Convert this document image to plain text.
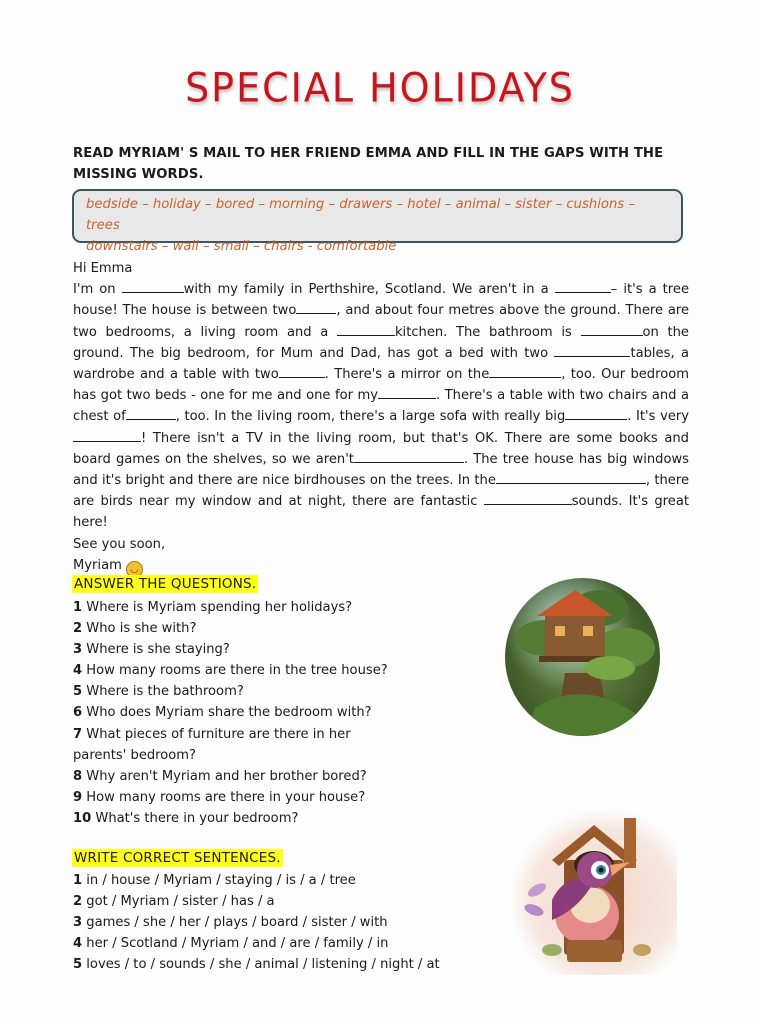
SPECIAL HOLIDAYS
READ MYRIAM' S MAIL TO HER FRIEND EMMA AND FILL IN THE GAPS WITH THE MISSING WORDS.
bedside – holiday – bored – morning – drawers – hotel – animal – sister – cushions – trees
downstairs – wall – small – chairs - comfortable

Hi Emma

I'm on	with my family in Perthshire, Scotland. We aren't in a	– it's a tree house! The house is between two	, and about four metres above the ground. There are two bedrooms, a living room and a	kitchen. The bathroom is	on the ground. The big bedroom, for Mum and Dad, has got a bed with two	tables, a wardrobe and a table with two	. There's a mirror on the	, too. Our bedroom has got two beds - one for me and one for my	. There's a table with two chairs and a chest of	, too. In the living room, there's a large sofa with really big	. It's very! There isn't a TV in the living room, but that's OK. There are some books and board games on the shelves, so we aren't	. The tree house has big windows and it's bright and there are nice birdhouses on the trees. In the	, there are birds near my window and at night, there are fantastic	sounds. It's great here!

See you soon,

Myriam ◡

ANSWER THE QUESTIONS.
1 Where is Myriam spending her holidays?
2 Who is she with?
3 Where is she staying?
4 How many rooms are there in the tree house?
5 Where is the bathroom?
6 Who does Myriam share the bedroom with?
7 What pieces of furniture are there in her
parents' bedroom?
8 Why aren't Myriam and her brother bored?
9 How many rooms are there in your house?
10 What's there in your bedroom?
WRITE CORRECT SENTENCES.
1 in / house / Myriam / staying / is / a / tree
2 got / Myriam / sister / has / a
3 games / she / her / plays / board / sister / with
4 her / Scotland / Myriam / and / are / family / in
5 loves / to / sounds / she / animal / listening / night / at
